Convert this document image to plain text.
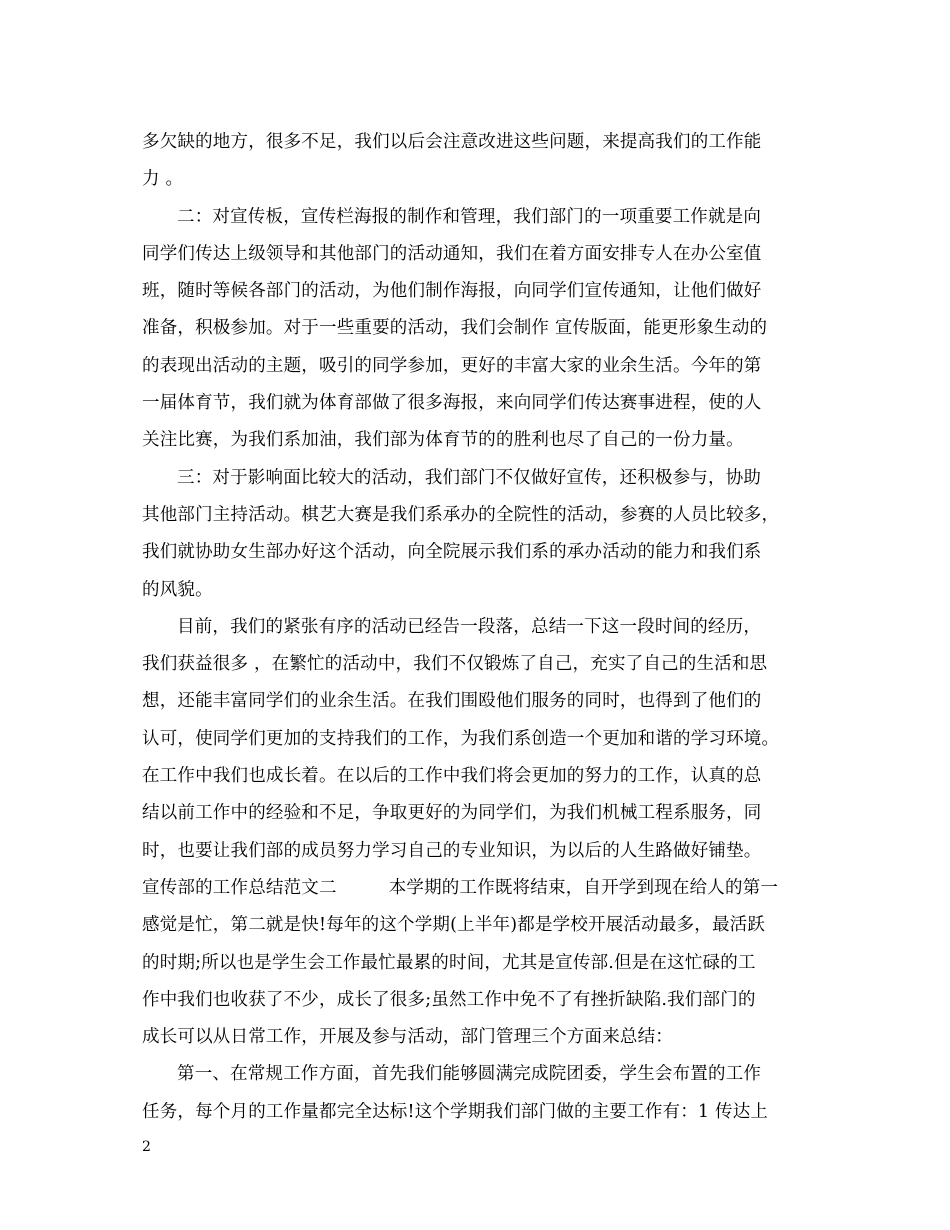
多欠缺的地方，很多不足，我们以后会注意改进这些问题，来提高我们的工作能
力 。
二：对宣传板，宣传栏海报的制作和管理，我们部门的一项重要工作就是向
同学们传达上级领导和其他部门的活动通知，我们在着方面安排专人在办公室值
班，随时等候各部门的活动，为他们制作海报，向同学们宣传通知，让他们做好
准备，积极参加。对于一些重要的活动，我们会制作 宣传版面，能更形象生动的
的表现出活动的主题，吸引的同学参加，更好的丰富大家的业余生活。今年的第
一届体育节，我们就为体育部做了很多海报，来向同学们传达赛事进程，使的人
关注比赛，为我们系加油，我们部为体育节的的胜利也尽了自己的一份力量。
三：对于影响面比较大的活动，我们部门不仅做好宣传，还积极参与，协助
其他部门主持活动。棋艺大赛是我们系承办的全院性的活动，参赛的人员比较多，
我们就协助女生部办好这个活动，向全院展示我们系的承办活动的能力和我们系
的风貌。
目前，我们的紧张有序的活动已经告一段落，总结一下这一段时间的经历，
我们获益很多 ，在繁忙的活动中，我们不仅锻炼了自己，充实了自己的生活和思
想，还能丰富同学们的业余生活。在我们围殴他们服务的同时，也得到了他们的
认可，使同学们更加的支持我们的工作，为我们系创造一个更加和谐的学习环境。
在工作中我们也成长着。在以后的工作中我们将会更加的努力的工作，认真的总
结以前工作中的经验和不足，争取更好的为同学们，为我们机械工程系服务，同
时，也要让我们部的成员努力学习自己的专业知识，为以后的人生路做好铺垫。
宣传部的工作总结范文二	本学期的工作既将结束，自开学到现在给人的第一
感觉是忙，第二就是快!每年的这个学期(上半年)都是学校开展活动最多，最活跃
的时期;所以也是学生会工作最忙最累的时间，尤其是宣传部.但是在这忙碌的工
作中我们也收获了不少，成长了很多;虽然工作中免不了有挫折缺陷.我们部门的
成长可以从日常工作，开展及参与活动，部门管理三个方面来总结：
第一、在常规工作方面，首先我们能够圆满完成院团委，学生会布置的工作
任务，每个月的工作量都完全达标!这个学期我们部门做的主要工作有：1 传达上
2
